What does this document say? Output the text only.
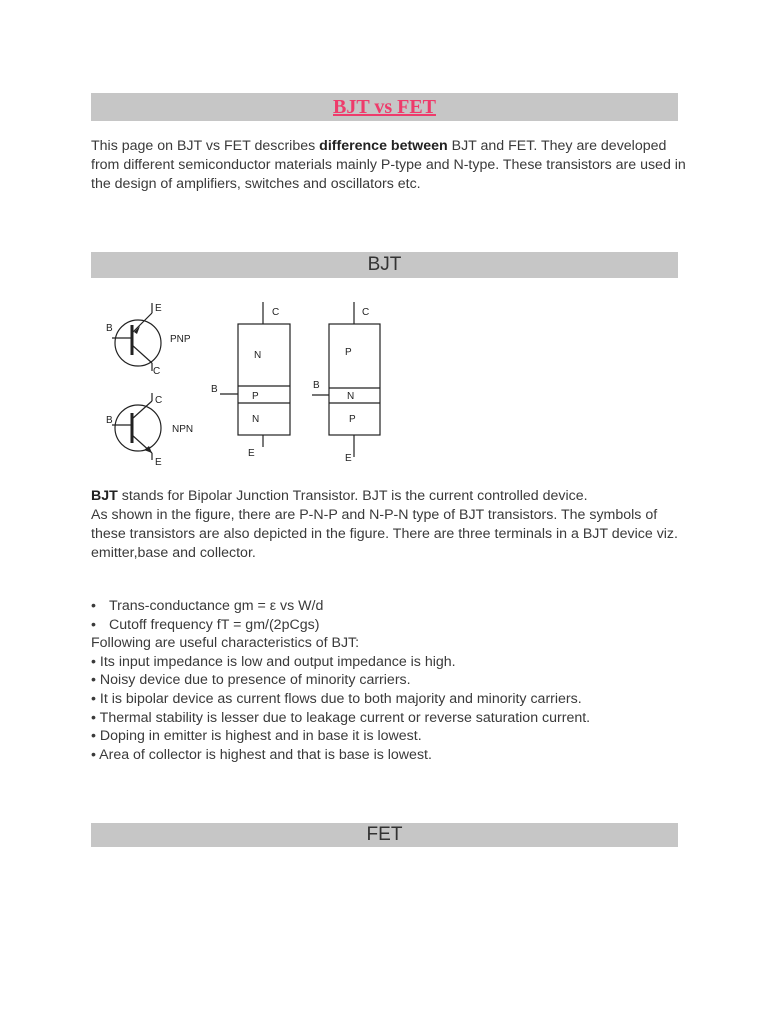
BJT vs FET
This page on BJT vs FET describes difference between BJT and FET. They are developed from different semiconductor materials mainly P-type and N-type. These transistors are used in the design of amplifiers, switches and oscillators etc.
BJT
E
B
PNP
C
C
B
NPN
E
C
N
P
N
B
E
C
P
N
P
B
E
BJT stands for Bipolar Junction Transistor. BJT is the current controlled device.
As shown in the figure, there are P-N-P and N-P-N type of BJT transistors. The symbols of these transistors are also depicted in the figure. There are three terminals in a BJT device viz. emitter,base and collector.
• Trans-conductance gm = ε vs W/d
• Cutoff frequency fT = gm/(2pCgs)
Following are useful characteristics of BJT:
• Its input impedance is low and output impedance is high.
• Noisy device due to presence of minority carriers.
• It is bipolar device as current flows due to both majority and minority carriers.
• Thermal stability is lesser due to leakage current or reverse saturation current.
• Doping in emitter is highest and in base it is lowest.
• Area of collector is highest and that is base is lowest.
FET
